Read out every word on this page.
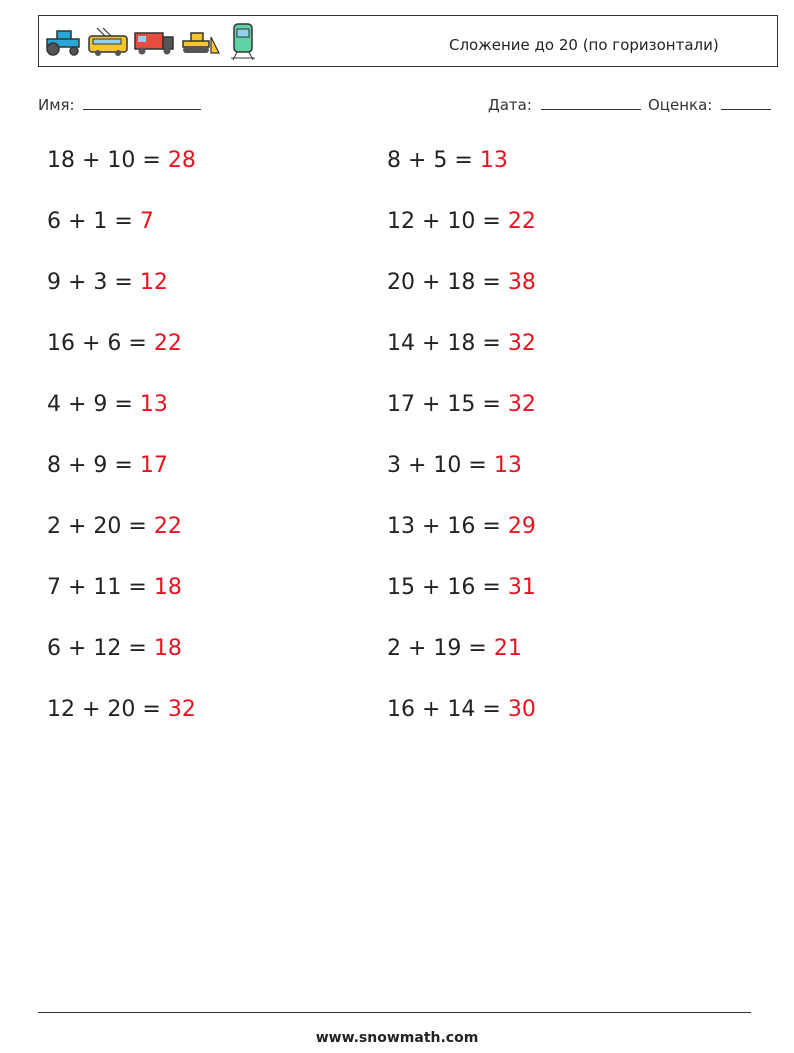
Сложение до 20 (по горизонтали)
Имя:	Дата:	Оценка:
18 + 10 = 28	8 + 5 = 13
6 + 1 = 7	12 + 10 = 22
9 + 3 = 12	20 + 18 = 38
16 + 6 = 22	14 + 18 = 32
4 + 9 = 13	17 + 15 = 32
8 + 9 = 17	3 + 10 = 13
2 + 20 = 22	13 + 16 = 29
7 + 11 = 18	15 + 16 = 31
6 + 12 = 18	2 + 19 = 21
12 + 20 = 32	16 + 14 = 30
www.snowmath.com
